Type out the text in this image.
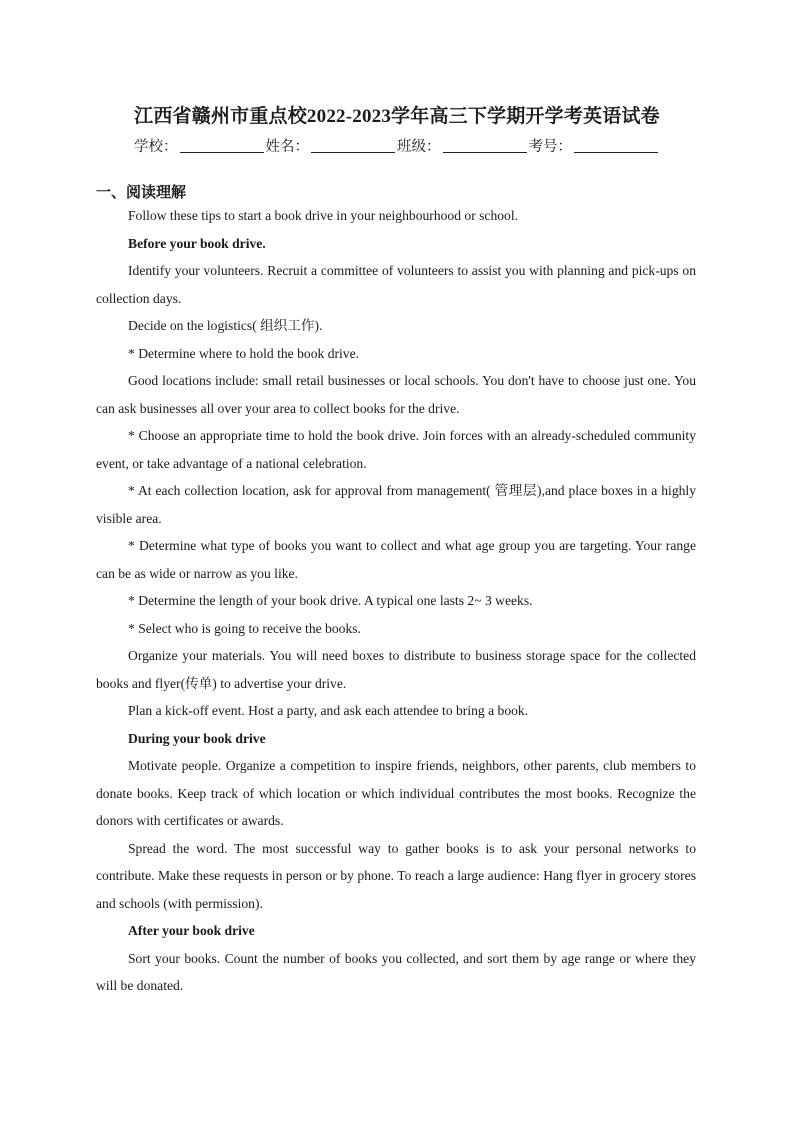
江西省赣州市重点校2022-2023学年高三下学期开学考英语试卷
学校：	姓名：	班级：	考号：
一、阅读理解

Follow these tips to start a book drive in your neighbourhood or school.

Before your book drive.

Identify your volunteers. Recruit a committee of volunteers to assist you with planning and pick-ups on collection days.

Decide on the logistics( 组织工作).

* Determine where to hold the book drive.

Good locations include: small retail businesses or local schools. You don't have to choose just one. You can ask businesses all over your area to collect books for the drive.

* Choose an appropriate time to hold the book drive. Join forces with an already-scheduled community event, or take advantage of a national celebration.

* At each collection location, ask for approval from management( 管理层),and place boxes in a highly visible area.

* Determine what type of books you want to collect and what age group you are targeting. Your range can be as wide or narrow as you like.

* Determine the length of your book drive. A typical one lasts 2~ 3 weeks.

* Select who is going to receive the books.

Organize your materials. You will need boxes to distribute to business storage space for the collected books and flyer(传单) to advertise your drive.

Plan a kick-off event. Host a party, and ask each attendee to bring a book.

During your book drive

Motivate people. Organize a competition to inspire friends, neighbors, other parents, club members to donate books. Keep track of which location or which individual contributes the most books. Recognize the donors with certificates or awards.

Spread the word. The most successful way to gather books is to ask your personal networks to contribute. Make these requests in person or by phone. To reach a large audience: Hang flyer in grocery stores and schools (with permission).

After your book drive

Sort your books. Count the number of books you collected, and sort them by age range or where they will be donated.
